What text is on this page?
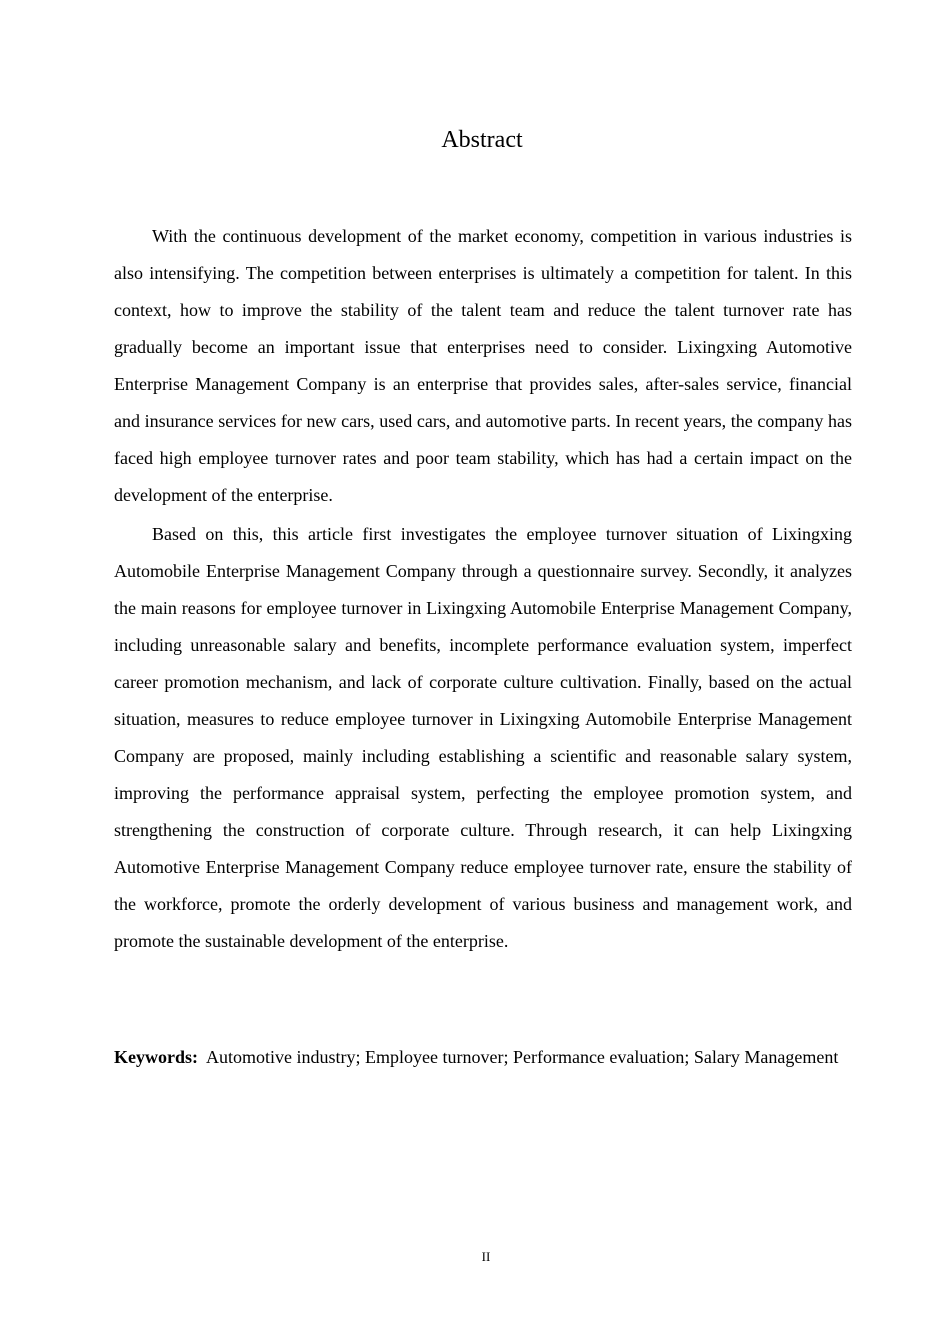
Abstract

With the continuous development of the market economy, competition in various industries is also intensifying. The competition between enterprises is ultimately a competition for talent. In this context, how to improve the stability of the talent team and reduce the talent turnover rate has gradually become an important issue that enterprises need to consider. Lixingxing Automotive Enterprise Management Company is an enterprise that provides sales, after-sales service, financial and insurance services for new cars, used cars, and automotive parts. In recent years, the company has faced high employee turnover rates and poor team stability, which has had a certain impact on the development of the enterprise.

Based on this, this article first investigates the employee turnover situation of Lixingxing Automobile Enterprise Management Company through a questionnaire survey. Secondly, it analyzes the main reasons for employee turnover in Lixingxing Automobile Enterprise Management Company, including unreasonable salary and benefits, incomplete performance evaluation system, imperfect career promotion mechanism, and lack of corporate culture cultivation. Finally, based on the actual situation, measures to reduce employee turnover in Lixingxing Automobile Enterprise Management Company are proposed, mainly including establishing a scientific and reasonable salary system, improving the performance appraisal system, perfecting the employee promotion system, and strengthening the construction of corporate culture. Through research, it can help Lixingxing Automotive Enterprise Management Company reduce employee turnover rate, ensure the stability of the workforce, promote the orderly development of various business and management work, and promote the sustainable development of the enterprise.

Keywords: Automotive industry; Employee turnover; Performance evaluation; Salary Management
II
